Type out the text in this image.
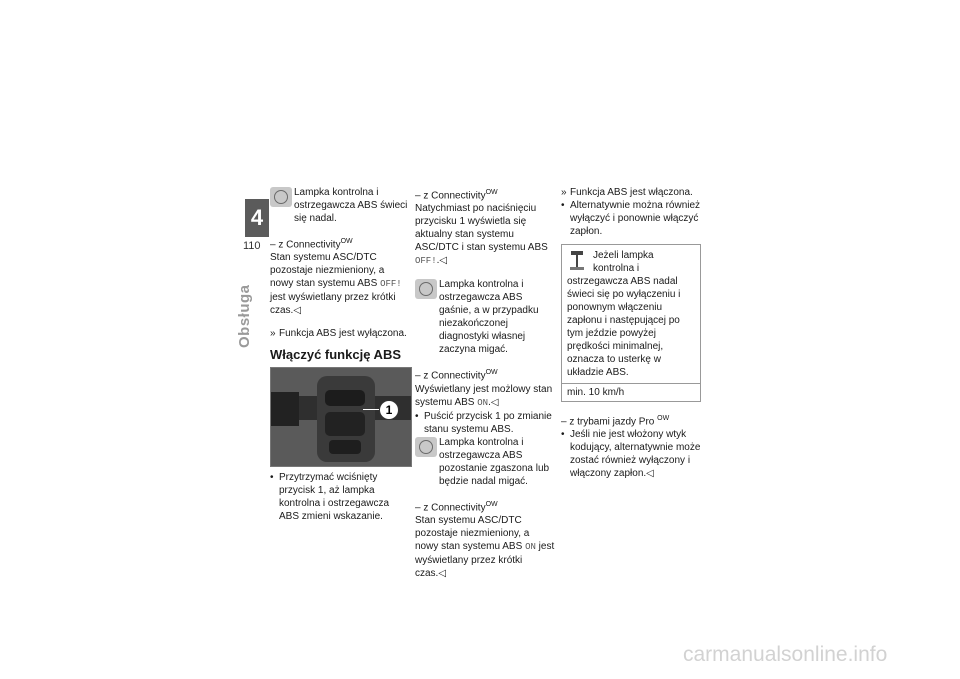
4
110
Obsługa

Lampka kontrolna i ostrzegawcza ABS świeci się nadal.

– z Connectivity$^{OW}$

Stan systemu ASC/DTC pozostaje niezmieniony, a nowy stan systemu ABS OFF! jest wyświetlany przez krótki czas.◁

» Funkcja ABS jest wyłączona.

Włączyć funkcję ABS

1
• Przytrzymać wciśnięty przycisk 1, aż lampka kontrolna i ostrzegawcza ABS zmieni wskazanie.

– z Connectivity$^{OW}$

Natychmiast po naciśnięciu przycisku 1 wyświetla się aktualny stan systemu ASC/DTC i stan systemu ABS OFF!.◁

Lampka kontrolna i ostrzegawcza ABS gaśnie, a w przypadku niezakończonej diagnostyki własnej zaczyna migać.

– z Connectivity$^{OW}$

Wyświetlany jest możlowy stan systemu ABS ON.◁

• Puścić przycisk 1 po zmianie stanu systemu ABS.

Lampka kontrolna i ostrzegawcza ABS pozostanie zgaszona lub będzie nadal migać.

– z Connectivity$^{OW}$

Stan systemu ASC/DTC pozostaje niezmieniony, a nowy stan systemu ABS ON jest wyświetlany przez krótki czas.◁

» Funkcja ABS jest włączona.

• Alternatywnie można również wyłączyć i ponownie włączyć zapłon.

Jeżeli lampka kontrolna i ostrzegawcza ABS nadal świeci się po wyłączeniu i ponownym włączeniu zapłonu i następującej po tym jeździe powyżej prędkości minimalnej, oznacza to usterkę w układzie ABS.

min. 10 km/h

– z trybami jazdy Pro $^{OW}$

• Jeśli nie jest włożony wtyk kodujący, alternatywnie może zostać również wyłączony i włączony zapłon.◁

carmanualsonline.info
